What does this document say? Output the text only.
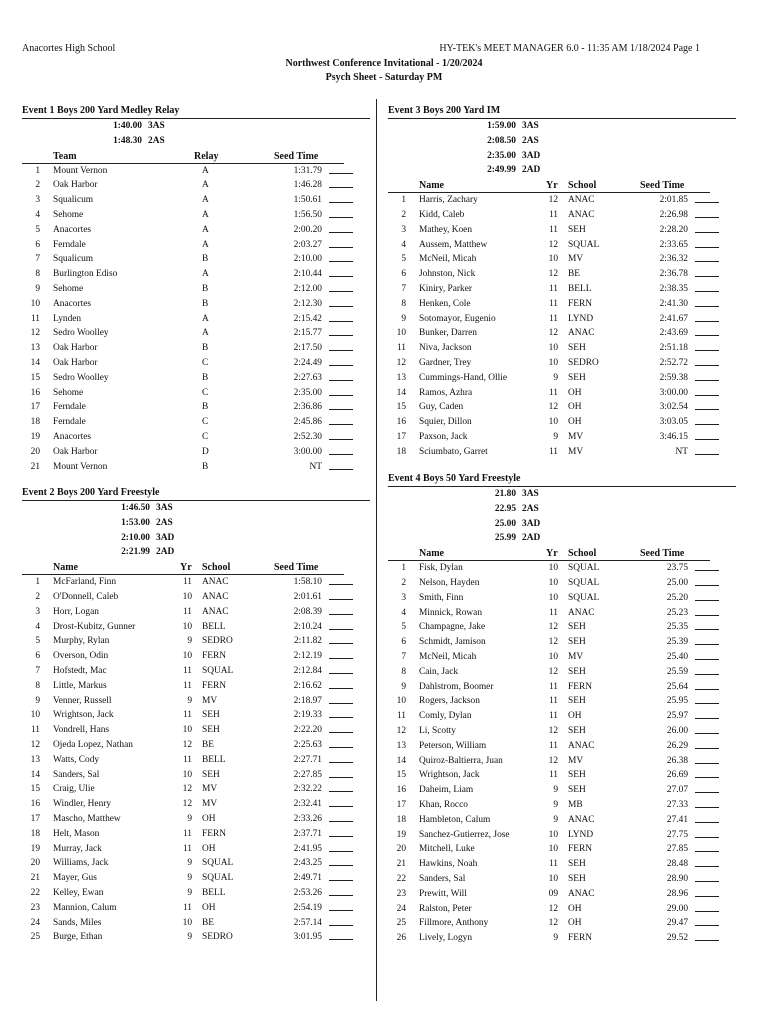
Anacortes High School	HY-TEK's MEET MANAGER 6.0 - 11:35 AM 1/18/2024 Page 1
Northwest Conference Invitational - 1/20/2024
Psych Sheet - Saturday PM
Event 1 Boys 200 Yard Medley Relay
1:40.00 3AS
1:48.30 2AS
Team	Relay	Seed Time
1 Mount Vernon	A	1:31.79
2 Oak Harbor	A	1:46.28
3 Squalicum	A	1:50.61
4 Sehome	A	1:56.50
5 Anacortes	A	2:00.20
6 Ferndale	A	2:03.27
7 Squalicum	B	2:10.00
8 Burlington Ediso	A	2:10.44
9 Sehome	B	2:12.00
10 Anacortes	B	2:12.30
11 Lynden	A	2:15.42
12 Sedro Woolley	A	2:15.77
13 Oak Harbor	B	2:17.50
14 Oak Harbor	C	2:24.49
15 Sedro Woolley	B	2:27.63
16 Sehome	C	2:35.00
17 Ferndale	B	2:36.86
18 Ferndale	C	2:45.86
19 Anacortes	C	2:52.30
20 Oak Harbor	D	3:00.00
21 Mount Vernon	B	NT
Event 2 Boys 200 Yard Freestyle
1:46.50 3AS
1:53.00 2AS
2:10.00 3AD
2:21.99 2AD
Name	Yr School	Seed Time
1 McFarland, Finn	11 ANAC	1:58.10
2 O'Donnell, Caleb	10 ANAC	2:01.61
3 Horr, Logan	11 ANAC	2:08.39
4 Drost-Kubitz, Gunner	10 BELL	2:10.24
5 Murphy, Rylan	9 SEDRO	2:11.82
6 Overson, Odin	10 FERN	2:12.19
7 Hofstedt, Mac	11 SQUAL	2:12.84
8 Little, Markus	11 FERN	2:16.62
9 Venner, Russell	9 MV	2:18.97
10 Wrightson, Jack	11 SEH	2:19.33
11 Vondrell, Hans	10 SEH	2:22.20
12 Ojeda Lopez, Nathan	12 BE	2:25.63
13 Watts, Cody	11 BELL	2:27.71
14 Sanders, Sal	10 SEH	2:27.85
15 Craig, Ulie	12 MV	2:32.22
16 Windler, Henry	12 MV	2:32.41
17 Mascho, Matthew	9 OH	2:33.26
18 Helt, Mason	11 FERN	2:37.71
19 Murray, Jack	11 OH	2:41.95
20 Williams, Jack	9 SQUAL	2:43.25
21 Mayer, Gus	9 SQUAL	2:49.71
22 Kelley, Ewan	9 BELL	2:53.26
23 Mannion, Calum	11 OH	2:54.19
24 Sands, Miles	10 BE	2:57.14
25 Burge, Ethan	9 SEDRO	3:01.95
Event 3 Boys 200 Yard IM
1:59.00 3AS
2:08.50 2AS
2:35.00 3AD
2:49.99 2AD
Name	Yr School	Seed Time
1 Harris, Zachary	12 ANAC	2:01.85
2 Kidd, Caleb	11 ANAC	2:26.98
3 Mathey, Koen	11 SEH	2:28.20
4 Aussem, Matthew	12 SQUAL	2:33.65
5 McNeil, Micah	10 MV	2:36.32
6 Johnston, Nick	12 BE	2:36.78
7 Kiniry, Parker	11 BELL	2:38.35
8 Henken, Cole	11 FERN	2:41.30
9 Sotomayor, Eugenio	11 LYND	2:41.67
10 Bunker, Darren	12 ANAC	2:43.69
11 Niva, Jackson	10 SEH	2:51.18
12 Gardner, Trey	10 SEDRO	2:52.72
13 Cummings-Hand, Ollie	9 SEH	2:59.38
14 Ramos, Azhra	11 OH	3:00.00
15 Guy, Caden	12 OH	3:02.54
16 Squier, Dillon	10 OH	3:03.05
17 Paxson, Jack	9 MV	3:46.15
18 Sciumbato, Garret	11 MV	NT
Event 4 Boys 50 Yard Freestyle
21.80 3AS
22.95 2AS
25.00 3AD
25.99 2AD
Name	Yr School	Seed Time
1 Fisk, Dylan	10 SQUAL	23.75
2 Nelson, Hayden	10 SQUAL	25.00
3 Smith, Finn	10 SQUAL	25.20
4 Minnick, Rowan	11 ANAC	25.23
5 Champagne, Jake	12 SEH	25.35
6 Schmidt, Jamison	12 SEH	25.39
7 McNeil, Micah	10 MV	25.40
8 Cain, Jack	12 SEH	25.59
9 Dahlstrom, Boomer	11 FERN	25.64
10 Rogers, Jackson	11 SEH	25.95
11 Comly, Dylan	11 OH	25.97
12 Li, Scotty	12 SEH	26.00
13 Peterson, William	11 ANAC	26.29
14 Quiroz-Baltierra, Juan	12 MV	26.38
15 Wrightson, Jack	11 SEH	26.69
16 Daheim, Liam	9 SEH	27.07
17 Khan, Rocco	9 MB	27.33
18 Hambleton, Calum	9 ANAC	27.41
19 Sanchez-Gutierrez, Jose	10 LYND	27.75
20 Mitchell, Luke	10 FERN	27.85
21 Hawkins, Noah	11 SEH	28.48
22 Sanders, Sal	10 SEH	28.90
23 Prewitt, Will	09 ANAC	28.96
24 Ralston, Peter	12 OH	29.00
25 Fillmore, Anthony	12 OH	29.47
26 Lively, Logyn	9 FERN	29.52
